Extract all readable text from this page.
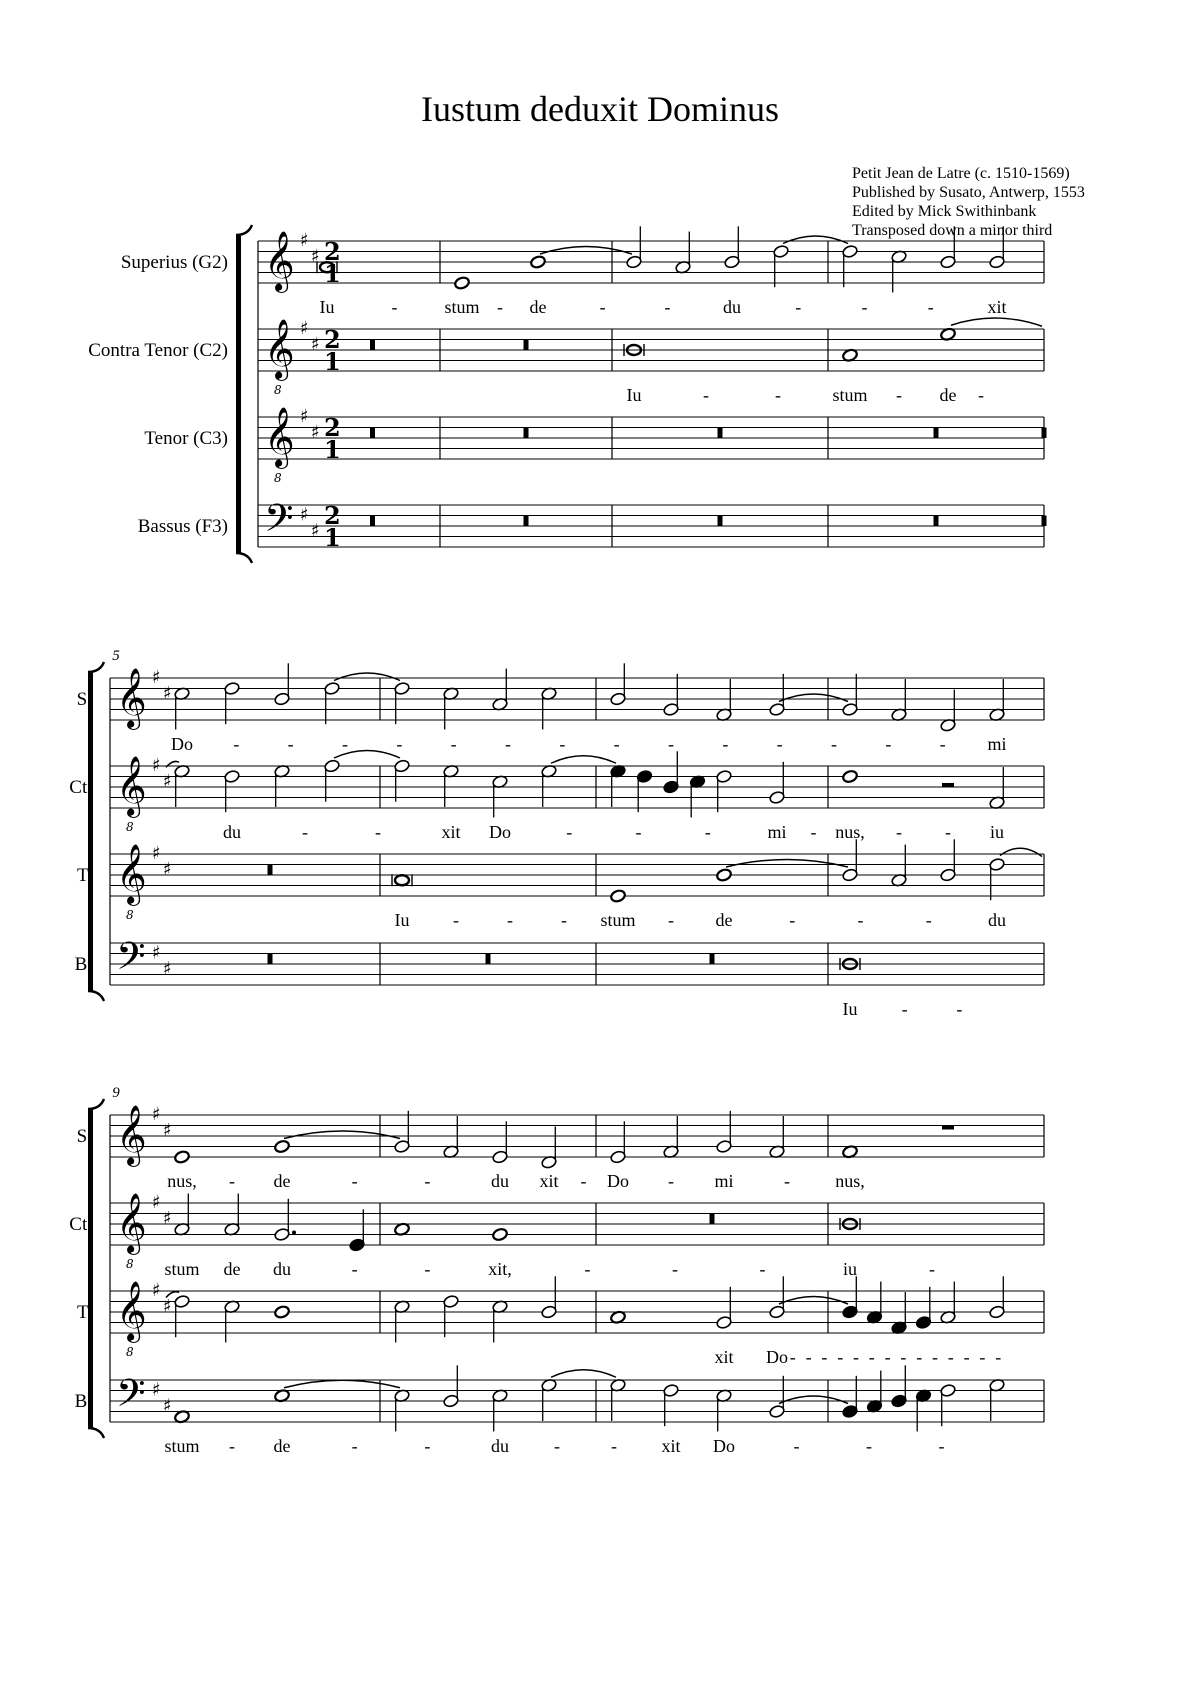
Iustum deduxit Dominus
Petit Jean de Latre (c. 1510-1569)
Published by Susato, Antwerp, 1553
Edited by Mick Swithinbank
Transposed down a minor third
Superius (G2) 𝄞 ♯
♯ 2
1
Iu	stum	de	du	xit
-	-	-	-	-	-	-
Contra Tenor (C2) 𝄞
8
♯
♯ 2
1
Iu	stum	de
-	-	-	-
Tenor (C3) 𝄞
8
♯
♯ 2
1
Bassus (F3) 𝄢 ♯
♯
2
1
S. 𝄞 ♯
♯
Do	mi
-	-	-	-	-	-	-	-	-	-	-	-	-	-
Ct. 𝄞
8
♯
♯
du	xit Do	mi	nus,	iu
-	-	-	-	-	-	- -
T. 𝄞
8
♯
♯
Iu	stum	de	du
-	-	-	-	-	-	-
B. 𝄢 ♯
♯
Iu -	-
5
S. 𝄞 ♯
♯
nus,	de	du xit	Do	mi	nus,
-	-	-	-	-	-
Ct. 𝄞
8
♯
♯
stum de du	xit,	iu
-	-	-	-	-	-
T. 𝄞
8
♯
♯
xit Do - - - - - - - - - - - - - -
B. 𝄢 ♯
♯
stum	de	du	xit Do
-	-	-	-	-	-	-	-
9
